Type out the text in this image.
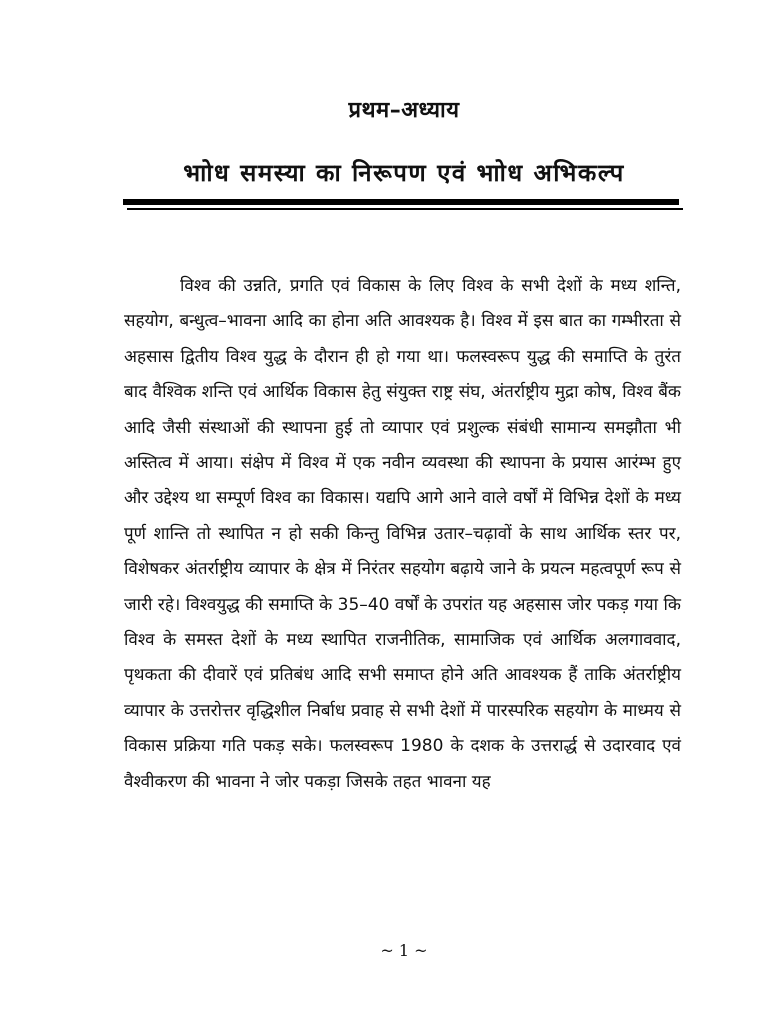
प्रथम–अध्याय
भाोध समस्या का निरूपण एवं भाोध अभिकल्प

विश्व की उन्नति, प्रगति एवं विकास के लिए विश्व के सभी देशों के मध्य शन्ति, सहयोग, बन्धुत्व–भावना आदि का होना अति आवश्यक है। विश्व में इस बात का गम्भीरता से अहसास द्वितीय विश्व युद्ध के दौरान ही हो गया था। फलस्वरूप युद्ध की समाप्ति के तुरंत बाद वैश्विक शन्ति एवं आर्थिक विकास हेतु संयुक्त राष्ट्र संघ, अंतर्राष्ट्रीय मुद्रा कोष, विश्व बैंक आदि जैसी संस्थाओं की स्थापना हुई तो व्यापार एवं प्रशुल्क संबंधी सामान्य समझौता भी अस्तित्व में आया। संक्षेप में विश्व में एक नवीन व्यवस्था की स्थापना के प्रयास आरंम्भ हुए और उद्देश्य था सम्पूर्ण विश्व का विकास। यद्यपि आगे आने वाले वर्षों में विभिन्न देशों के मध्य पूर्ण शान्ति तो स्थापित न हो सकी किन्तु विभिन्न उतार–चढ़ावों के साथ आर्थिक स्तर पर, विशेषकर अंतर्राष्ट्रीय व्यापार के क्षेत्र में निरंतर सहयोग बढ़ाये जाने के प्रयत्न महत्वपूर्ण रूप से जारी रहे। विश्वयुद्ध की समाप्ति के 35–40 वर्षों के उपरांत यह अहसास जोर पकड़ गया कि विश्व के समस्त देशों के मध्य स्थापित राजनीतिक, सामाजिक एवं आर्थिक अलगाववाद, पृथकता की दीवारें एवं प्रतिबंध आदि सभी समाप्त होने अति आवश्यक हैं ताकि अंतर्राष्ट्रीय व्यापार के उत्तरोत्तर वृद्धिशील निर्बाध प्रवाह से सभी देशों में पारस्परिक सहयोग के माध्मय से विकास प्रक्रिया गति पकड़ सके। फलस्वरूप 1980 के दशक के उत्तरार्द्ध से उदारवाद एवं वैश्वीकरण की भावना ने जोर पकड़ा जिसके तहत भावना यह

~ 1 ~
